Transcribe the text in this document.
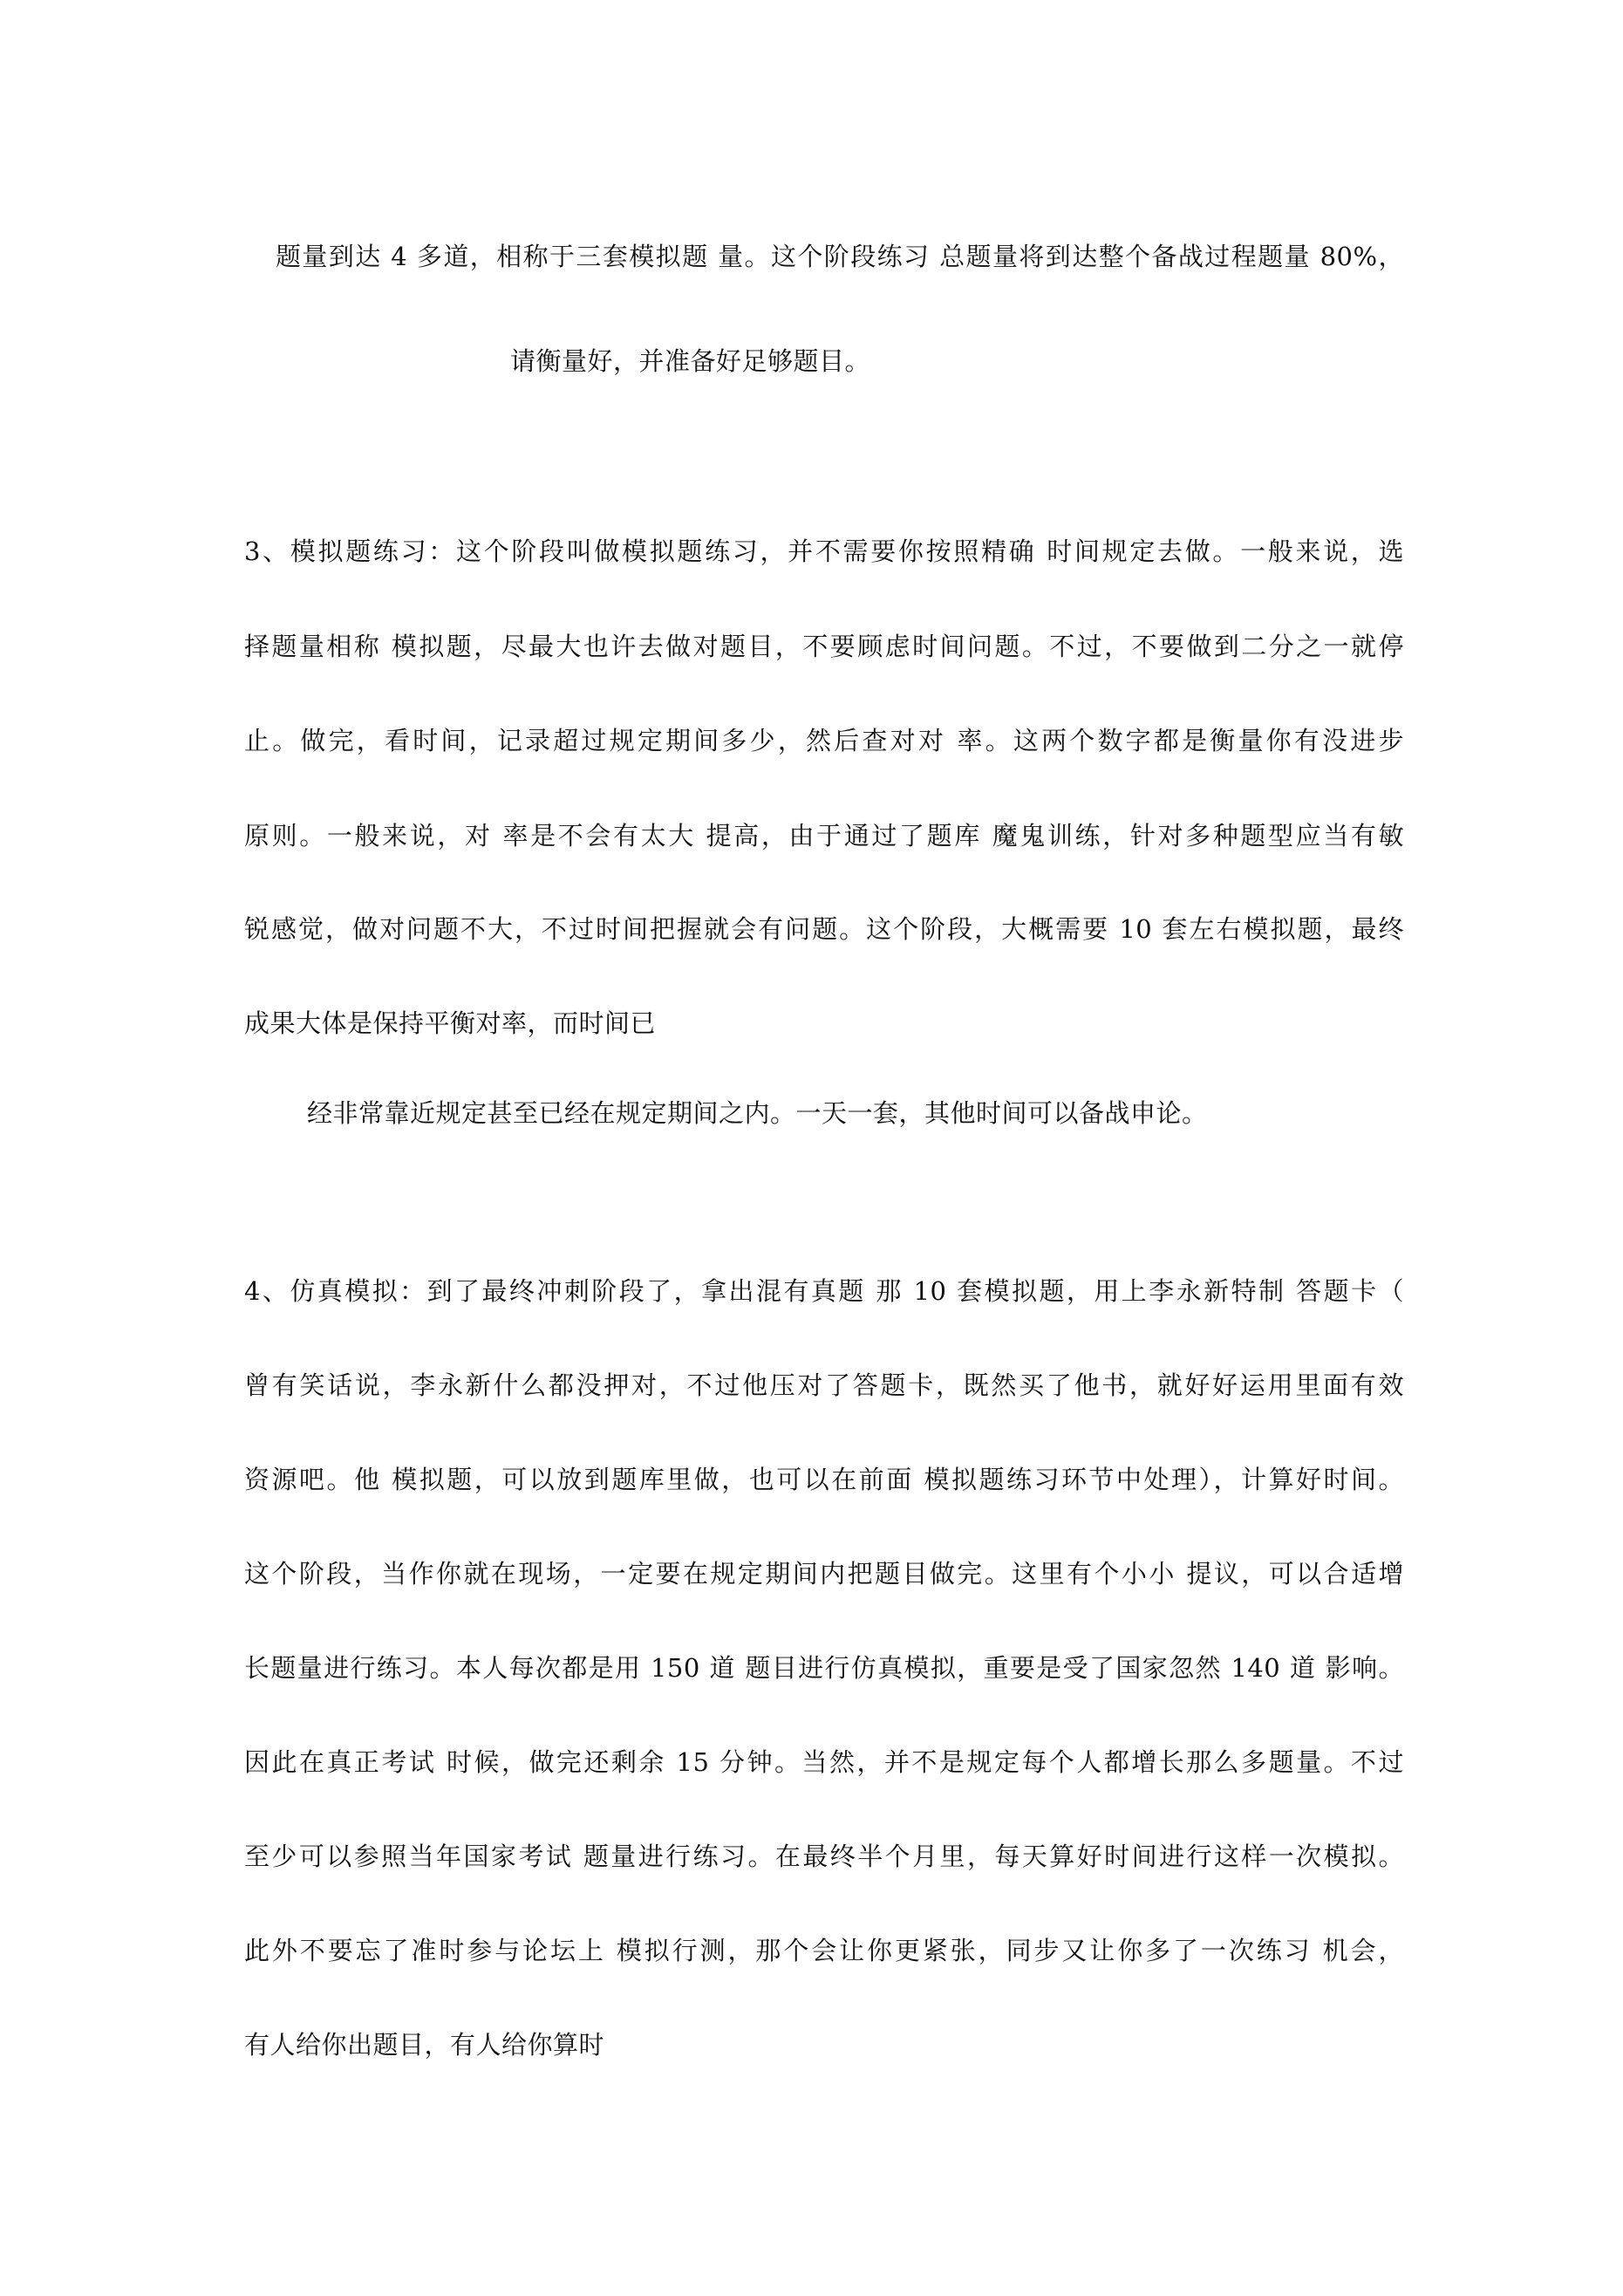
题量到达 4 多道，相称于三套模拟题 量。这个阶段练习 总题量将到达整个备战过程题量 80%，
请衡量好，并准备好足够题目。
3、模拟题练习：这个阶段叫做模拟题练习，并不需要你按照精确 时间规定去做。一般来说，选
择题量相称 模拟题，尽最大也许去做对题目，不要顾虑时间问题。不过，不要做到二分之一就停
止。做完，看时间，记录超过规定期间多少，然后查对对 率。这两个数字都是衡量你有没进步
原则。一般来说，对 率是不会有太大 提高，由于通过了题库 魔鬼训练，针对多种题型应当有敏
锐感觉，做对问题不大，不过时间把握就会有问题。这个阶段，大概需要 10 套左右模拟题，最终
成果大体是保持平衡对率，而时间已
经非常靠近规定甚至已经在规定期间之内。一天一套，其他时间可以备战申论。
4、仿真模拟：到了最终冲刺阶段了，拿出混有真题 那 10 套模拟题，用上李永新特制 答题卡（
曾有笑话说，李永新什么都没押对，不过他压对了答题卡，既然买了他书，就好好运用里面有效
资源吧。他 模拟题，可以放到题库里做，也可以在前面 模拟题练习环节中处理），计算好时间。
这个阶段，当作你就在现场，一定要在规定期间内把题目做完。这里有个小小 提议，可以合适增
长题量进行练习。本人每次都是用 150 道 题目进行仿真模拟，重要是受了国家忽然 140 道 影响。
因此在真正考试 时候，做完还剩余 15 分钟。当然，并不是规定每个人都增长那么多题量。不过
至少可以参照当年国家考试 题量进行练习。在最终半个月里，每天算好时间进行这样一次模拟。
此外不要忘了准时参与论坛上 模拟行测，那个会让你更紧张，同步又让你多了一次练习 机会，
有人给你出题目，有人给你算时
